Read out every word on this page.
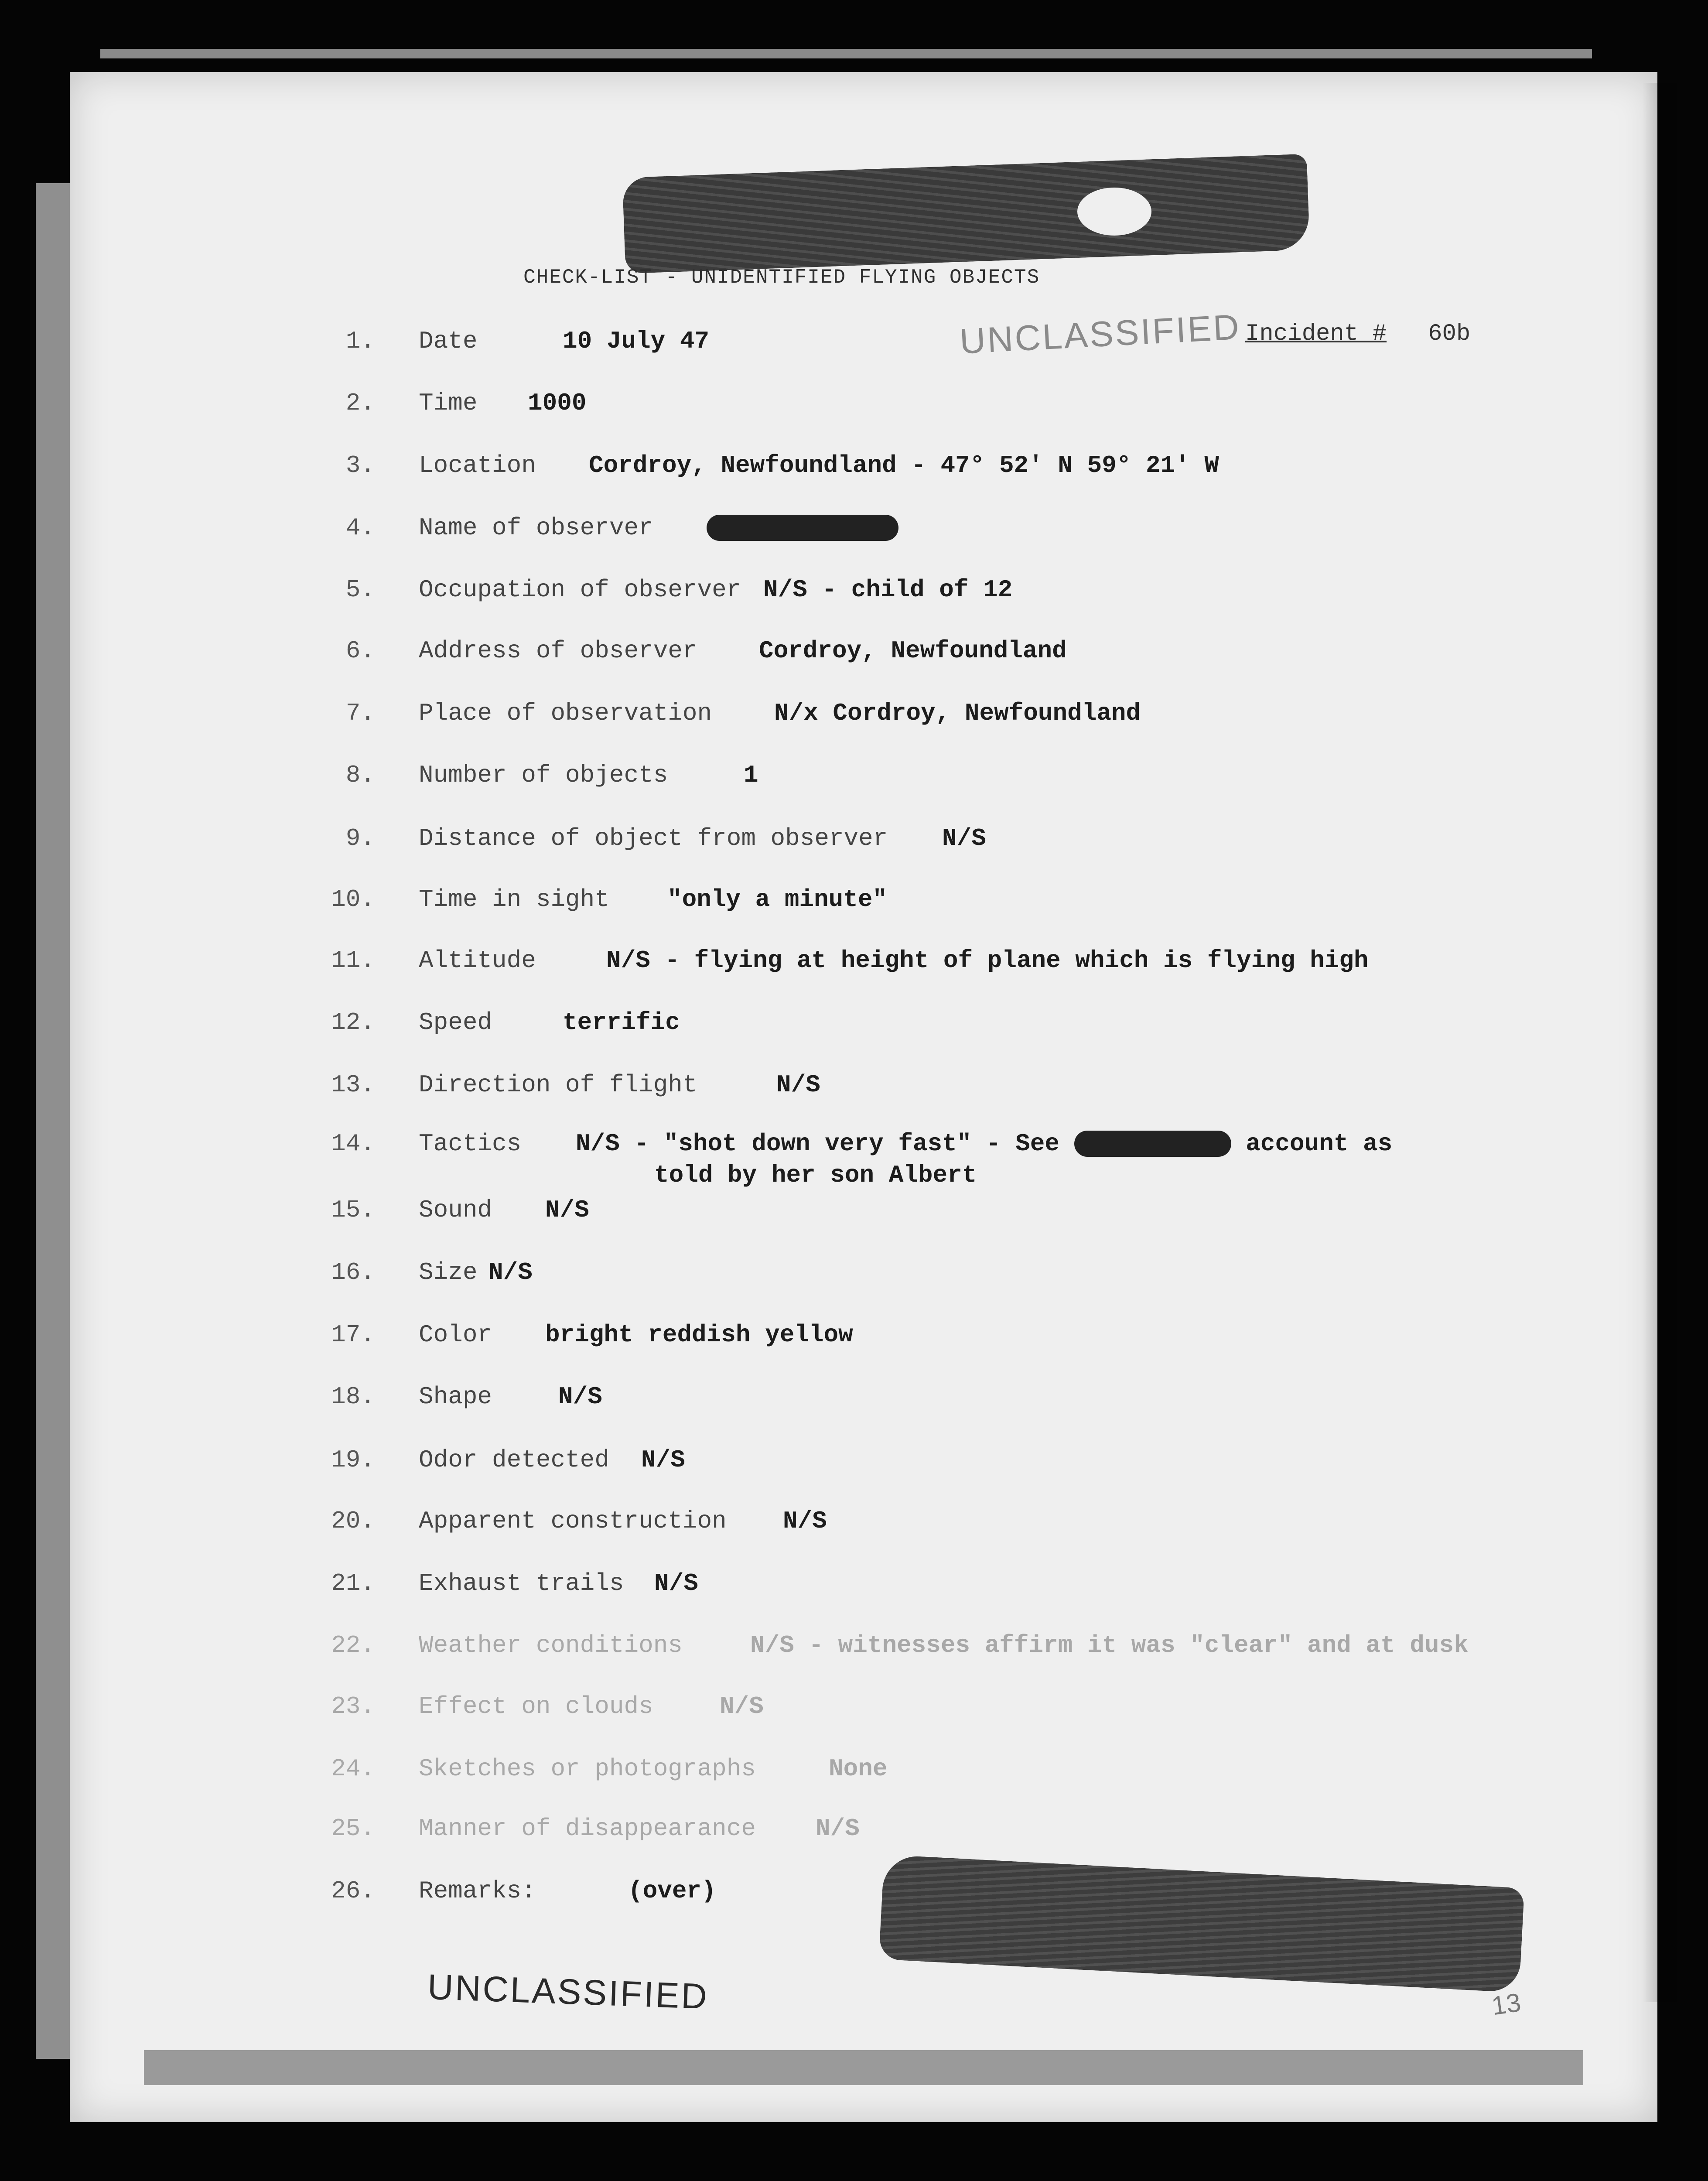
CHECK-LIST - UNIDENTIFIED FLYING OBJECTS
UNCLASSIFIED Incident # 60b
1. Date	10 July 47
2. Time 1000
3. Location Cordroy, Newfoundland - 47° 52' N 59° 21' W
4. Name of observer
5. Occupation of observer N/S - child of 12
6. Address of observer	Cordroy, Newfoundland
7. Place of observation	N/x Cordroy, Newfoundland
8. Number of objects	1
9. Distance of object from observer N/S
10. Time in sight "only a minute"
11. Altitude	N/S - flying at height of plane which is flying high
12. Speed	terrific
13. Direction of flight	N/S
14. Tactics N/S - "shot down very fast" - See	account as
told by her son Albert
15. Sound N/S
16. Size N/S
17. Color bright reddish yellow
18. Shape	N/S
19. Odor detected N/S
20. Apparent construction N/S
21. Exhaust trails N/S
22. Weather conditions	N/S - witnesses affirm it was "clear" and at dusk
23. Effect on clouds	N/S
24. Sketches or photographs	None
25. Manner of disappearance N/S
26. Remarks:	(over)
UNCLASSIFIED	13
